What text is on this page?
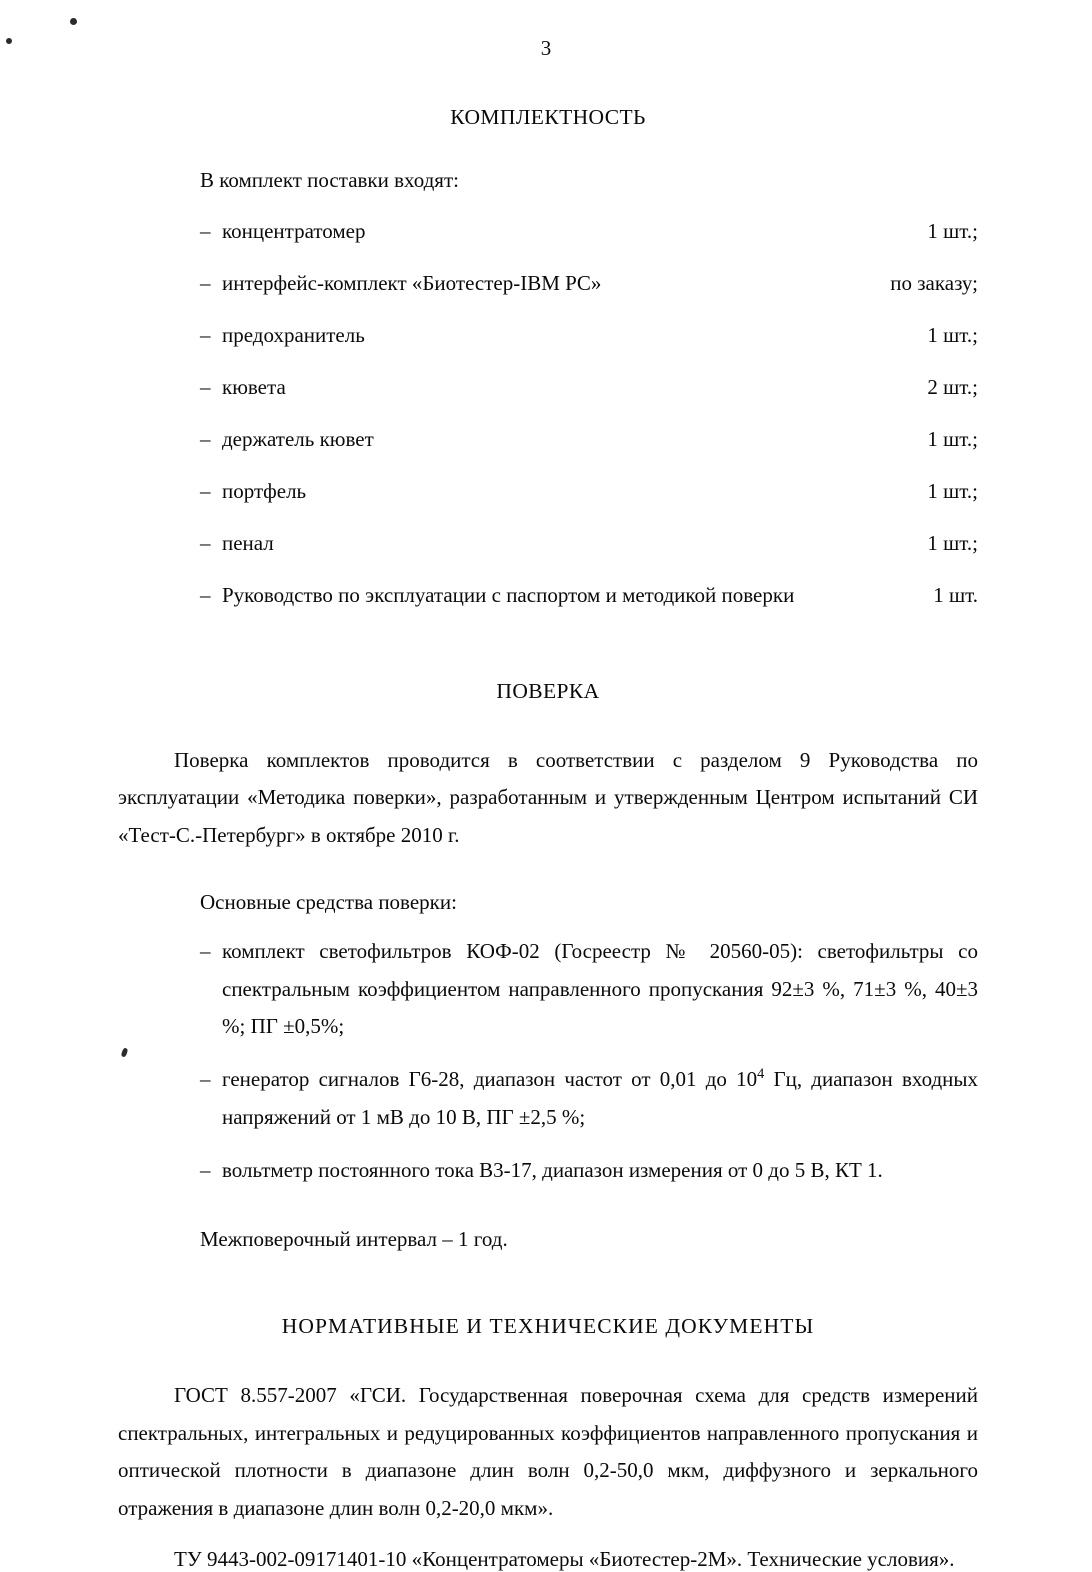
3
КОМПЛЕКТНОСТЬ

В комплект поставки входят:

– концентратомер	1 шт.;
– интерфейс-комплект «Биотестер-IBM PC»	по заказу;
– предохранитель	1 шт.;
– кювета	2 шт.;
– держатель кювет	1 шт.;
– портфель	1 шт.;
– пенал	1 шт.;
– Руководство по эксплуатации с паспортом и методикой поверки	1 шт.
ПОВЕРКА

Поверка комплектов проводится в соответствии с разделом 9 Руководства по эксплуатации «Методика поверки», разработанным и утвержденным Центром испытаний СИ «Тест-С.-Петербург» в октябре 2010 г.

Основные средства поверки:

– комплект светофильтров КОФ-02 (Госреестр № 20560-05): светофильтры со спектральным коэффициентом направленного пропускания 92±3 %, 71±3 %, 40±3 %; ПГ ±0,5%;
– генератор сигналов Г6-28, диапазон частот от 0,01 до $10^4$ Гц, диапазон входных напряжений от 1 мВ до 10 В, ПГ ±2,5 %;
– вольтметр постоянного тока В3-17, диапазон измерения от 0 до 5 В, КТ 1.

Межповерочный интервал – 1 год.

НОРМАТИВНЫЕ И ТЕХНИЧЕСКИЕ ДОКУМЕНТЫ

ГОСТ 8.557-2007 «ГСИ. Государственная поверочная схема для средств измерений спектральных, интегральных и редуцированных коэффициентов направленного пропускания и оптической плотности в диапазоне длин волн 0,2-50,0 мкм, диффузного и зеркального отражения в диапазоне длин волн 0,2-20,0 мкм».

ТУ 9443-002-09171401-10 «Концентратомеры «Биотестер-2М». Технические условия».
